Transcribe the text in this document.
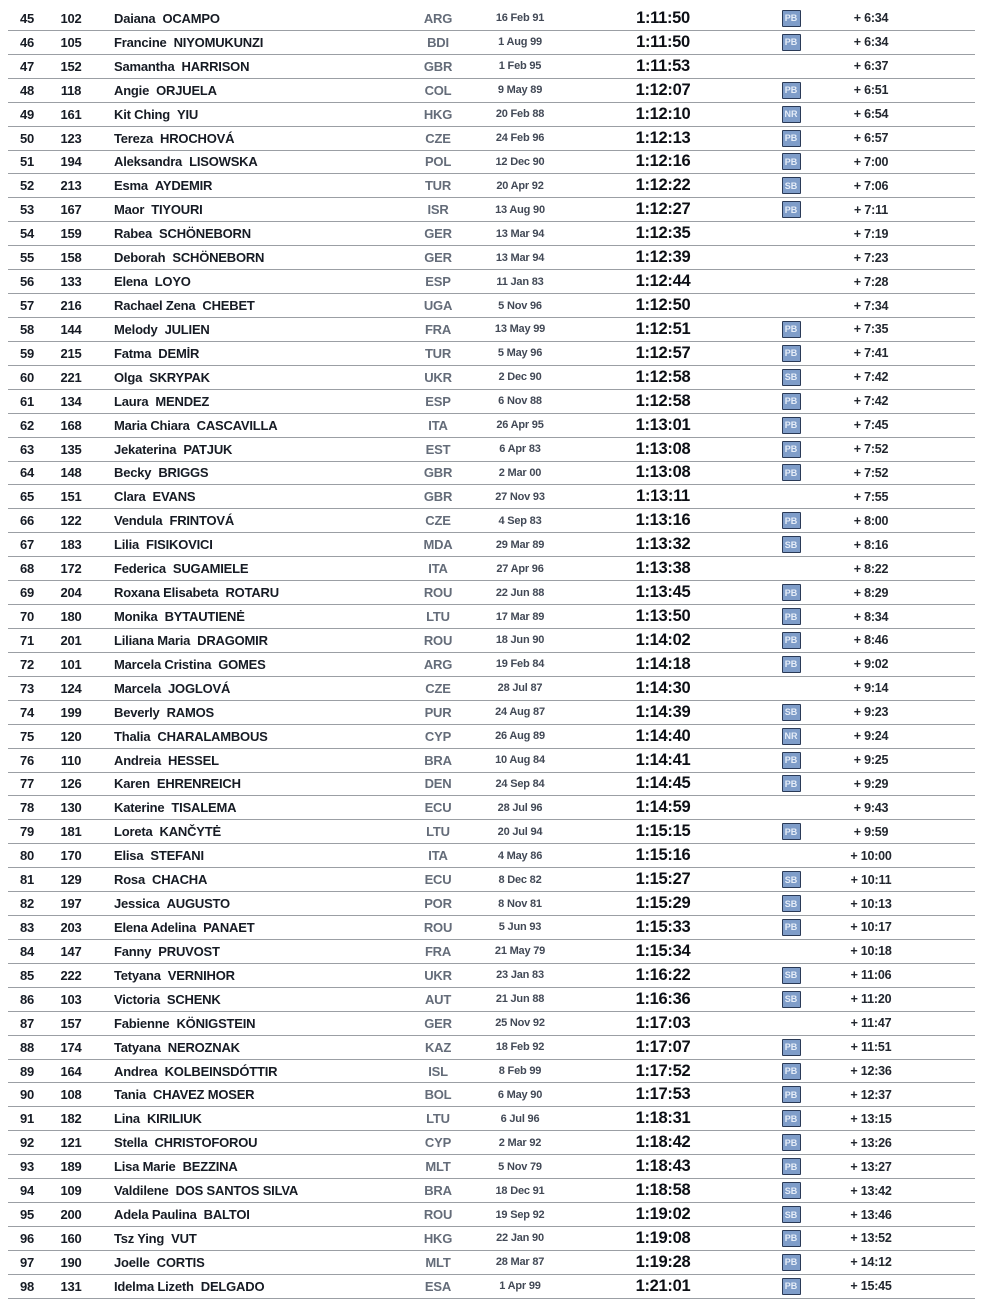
45	102	Daiana OCAMPO	ARG	16 Feb 91	1:11:50	PB	+ 6:34
46	105	Francine NIYOMUKUNZI	BDI	1 Aug 99	1:11:50	PB	+ 6:34
47	152	Samantha HARRISON	GBR	1 Feb 95	1:11:53	+ 6:37
48	118	Angie ORJUELA	COL	9 May 89	1:12:07	PB	+ 6:51
49	161	Kit Ching YIU	HKG	20 Feb 88	1:12:10	NR	+ 6:54
50	123	Tereza HROCHOVÁ	CZE	24 Feb 96	1:12:13	PB	+ 6:57
51	194	Aleksandra LISOWSKA	POL	12 Dec 90	1:12:16	PB	+ 7:00
52	213	Esma AYDEMIR	TUR	20 Apr 92	1:12:22	SB	+ 7:06
53	167	Maor TIYOURI	ISR	13 Aug 90	1:12:27	PB	+ 7:11
54	159	Rabea SCHÖNEBORN	GER	13 Mar 94	1:12:35	+ 7:19
55	158	Deborah SCHÖNEBORN	GER	13 Mar 94	1:12:39	+ 7:23
56	133	Elena LOYO	ESP	11 Jan 83	1:12:44	+ 7:28
57	216	Rachael Zena CHEBET	UGA	5 Nov 96	1:12:50	+ 7:34
58	144	Melody JULIEN	FRA	13 May 99	1:12:51	PB	+ 7:35
59	215	Fatma DEMİR	TUR	5 May 96	1:12:57	PB	+ 7:41
60	221	Olga SKRYPAK	UKR	2 Dec 90	1:12:58	SB	+ 7:42
61	134	Laura MENDEZ	ESP	6 Nov 88	1:12:58	PB	+ 7:42
62	168	Maria Chiara CASCAVILLA	ITA	26 Apr 95	1:13:01	PB	+ 7:45
63	135	Jekaterina PATJUK	EST	6 Apr 83	1:13:08	PB	+ 7:52
64	148	Becky BRIGGS	GBR	2 Mar 00	1:13:08	PB	+ 7:52
65	151	Clara EVANS	GBR	27 Nov 93	1:13:11	+ 7:55
66	122	Vendula FRINTOVÁ	CZE	4 Sep 83	1:13:16	PB	+ 8:00
67	183	Lilia FISIKOVICI	MDA	29 Mar 89	1:13:32	SB	+ 8:16
68	172	Federica SUGAMIELE	ITA	27 Apr 96	1:13:38	+ 8:22
69	204	Roxana Elisabeta ROTARU	ROU	22 Jun 88	1:13:45	PB	+ 8:29
70	180	Monika BYTAUTIENĖ	LTU	17 Mar 89	1:13:50	PB	+ 8:34
71	201	Liliana Maria DRAGOMIR	ROU	18 Jun 90	1:14:02	PB	+ 8:46
72	101	Marcela Cristina GOMES	ARG	19 Feb 84	1:14:18	PB	+ 9:02
73	124	Marcela JOGLOVÁ	CZE	28 Jul 87	1:14:30	+ 9:14
74	199	Beverly RAMOS	PUR	24 Aug 87	1:14:39	SB	+ 9:23
75	120	Thalia CHARALAMBOUS	CYP	26 Aug 89	1:14:40	NR	+ 9:24
76	110	Andreia HESSEL	BRA	10 Aug 84	1:14:41	PB	+ 9:25
77	126	Karen EHRENREICH	DEN	24 Sep 84	1:14:45	PB	+ 9:29
78	130	Katerine TISALEMA	ECU	28 Jul 96	1:14:59	+ 9:43
79	181	Loreta KANČYTĖ	LTU	20 Jul 94	1:15:15	PB	+ 9:59
80	170	Elisa STEFANI	ITA	4 May 86	1:15:16	+ 10:00
81	129	Rosa CHACHA	ECU	8 Dec 82	1:15:27	SB	+ 10:11
82	197	Jessica AUGUSTO	POR	8 Nov 81	1:15:29	SB	+ 10:13
83	203	Elena Adelina PANAET	ROU	5 Jun 93	1:15:33	PB	+ 10:17
84	147	Fanny PRUVOST	FRA	21 May 79	1:15:34	+ 10:18
85	222	Tetyana VERNIHOR	UKR	23 Jan 83	1:16:22	SB	+ 11:06
86	103	Victoria SCHENK	AUT	21 Jun 88	1:16:36	SB	+ 11:20
87	157	Fabienne KÖNIGSTEIN	GER	25 Nov 92	1:17:03	+ 11:47
88	174	Tatyana NEROZNAK	KAZ	18 Feb 92	1:17:07	PB	+ 11:51
89	164	Andrea KOLBEINSDÓTTIR	ISL	8 Feb 99	1:17:52	PB	+ 12:36
90	108	Tania CHAVEZ MOSER	BOL	6 May 90	1:17:53	PB	+ 12:37
91	182	Lina KIRILIUK	LTU	6 Jul 96	1:18:31	PB	+ 13:15
92	121	Stella CHRISTOFOROU	CYP	2 Mar 92	1:18:42	PB	+ 13:26
93	189	Lisa Marie BEZZINA	MLT	5 Nov 79	1:18:43	PB	+ 13:27
94	109	Valdilene DOS SANTOS SILVA	BRA	18 Dec 91	1:18:58	SB	+ 13:42
95	200	Adela Paulina BALTOI	ROU	19 Sep 92	1:19:02	SB	+ 13:46
96	160	Tsz Ying VUT	HKG	22 Jan 90	1:19:08	PB	+ 13:52
97	190	Joelle CORTIS	MLT	28 Mar 87	1:19:28	PB	+ 14:12
98	131	Idelma Lizeth DELGADO	ESA	1 Apr 99	1:21:01	PB	+ 15:45
